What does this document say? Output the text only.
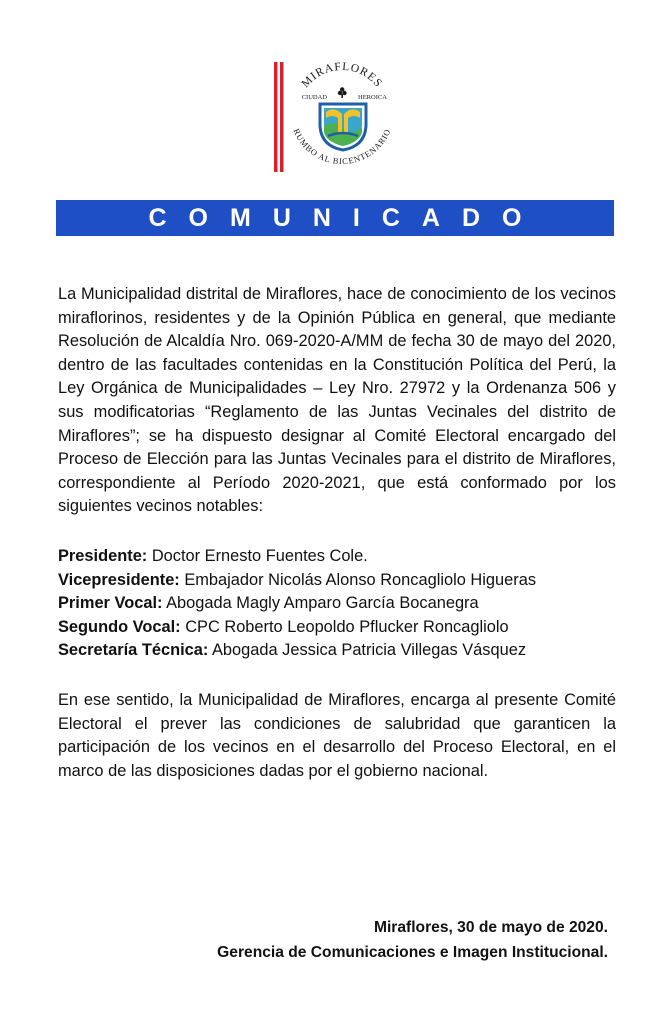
MIRAFLORES
RUMBO AL BICENTENARIO
CIUDAD	HEROICA
COMUNICADO

La Municipalidad distrital de Miraflores, hace de conocimiento de los vecinos miraflorinos, residentes y de la Opinión Pública en general, que mediante Resolución de Alcaldía Nro. 069-2020-A/MM de fecha 30 de mayo del 2020, dentro de las facultades contenidas en la Constitución Política del Perú, la Ley Orgánica de Municipalidades – Ley Nro. 27972 y la Ordenanza 506 y sus modificatorias “Reglamento de las Juntas Vecinales del distrito de Miraflores”; se ha dispuesto designar al Comité Electoral encargado del Proceso de Elección para las Juntas Vecinales para el distrito de Miraflores, correspondiente al Período 2020-2021, que está conformado por los siguientes vecinos notables:

Presidente: Doctor Ernesto Fuentes Cole.
Vicepresidente: Embajador Nicolás Alonso Roncagliolo Higueras
Primer Vocal: Abogada Magly Amparo García Bocanegra
Segundo Vocal: CPC Roberto Leopoldo Pflucker Roncagliolo
Secretaría Técnica: Abogada Jessica Patricia Villegas Vásquez

En ese sentido, la Municipalidad de Miraflores, encarga al presente Comité Electoral el prever las condiciones de salubridad que garanticen la participación de los vecinos en el desarrollo del Proceso Electoral, en el marco de las disposiciones dadas por el gobierno nacional.

Miraflores, 30 de mayo de 2020.
Gerencia de Comunicaciones e Imagen Institucional.
